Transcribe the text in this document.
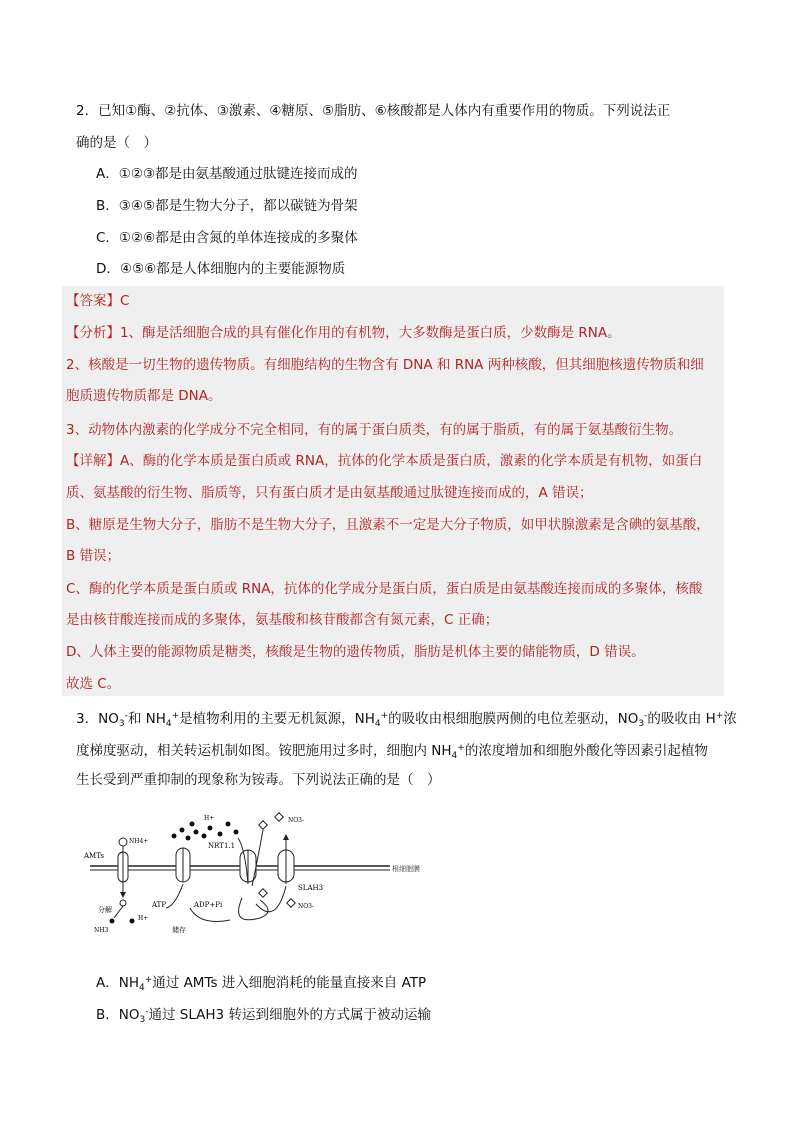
2．已知①酶、②抗体、③激素、④糖原、⑤脂肪、⑥核酸都是人体内有重要作用的物质。下列说法正
确的是（　）
A．①②③都是由氨基酸通过肽键连接而成的
B．③④⑤都是生物大分子，都以碳链为骨架
C．①②⑥都是由含氮的单体连接成的多聚体
D．④⑤⑥都是人体细胞内的主要能源物质
【答案】C
【分析】1、酶是活细胞合成的具有催化作用的有机物，大多数酶是蛋白质，少数酶是 RNA。
2、核酸是一切生物的遗传物质。有细胞结构的生物含有 DNA 和 RNA 两种核酸，但其细胞核遗传物质和细
胞质遗传物质都是 DNA。
3、动物体内激素的化学成分不完全相同，有的属于蛋白质类，有的属于脂质，有的属于氨基酸衍生物。
【详解】A、酶的化学本质是蛋白质或 RNA，抗体的化学本质是蛋白质，激素的化学本质是有机物，如蛋白
质、氨基酸的衍生物、脂质等，只有蛋白质才是由氨基酸通过肽键连接而成的，A 错误；
B、糖原是生物大分子，脂肪不是生物大分子，且激素不一定是大分子物质，如甲状腺激素是含碘的氨基酸，
B 错误；
C、酶的化学本质是蛋白质或 RNA，抗体的化学成分是蛋白质，蛋白质是由氨基酸连接而成的多聚体，核酸
是由核苷酸连接而成的多聚体，氨基酸和核苷酸都含有氮元素，C 正确；
D、人体主要的能源物质是糖类，核酸是生物的遗传物质，脂肪是机体主要的储能物质，D 错误。
故选 C。
3．$NO_3^-$和 $NH_4^+$是植物利用的主要无机氮源，$NH_4^+$的吸收由根细胞膜两侧的电位差驱动，$NO_3^-$的吸收由 H+浓
度梯度驱动，相关转运机制如图。铵肥施用过多时，细胞内 $NH_4^+$的浓度增加和细胞外酸化等因素引起植物
生长受到严重抑制的现象称为铵毒。下列说法正确的是（　）
根细胞膜
AMTs
NH4+
分解
H+
NH3
ATP	ADP+Pi
储存
H+
NRT1.1
NO3-
SLAH3
NO3-
A．$NH_4^+$通过 AMTs 进入细胞消耗的能量直接来自 ATP
B．$NO_3^-$通过 SLAH3 转运到细胞外的方式属于被动运输
